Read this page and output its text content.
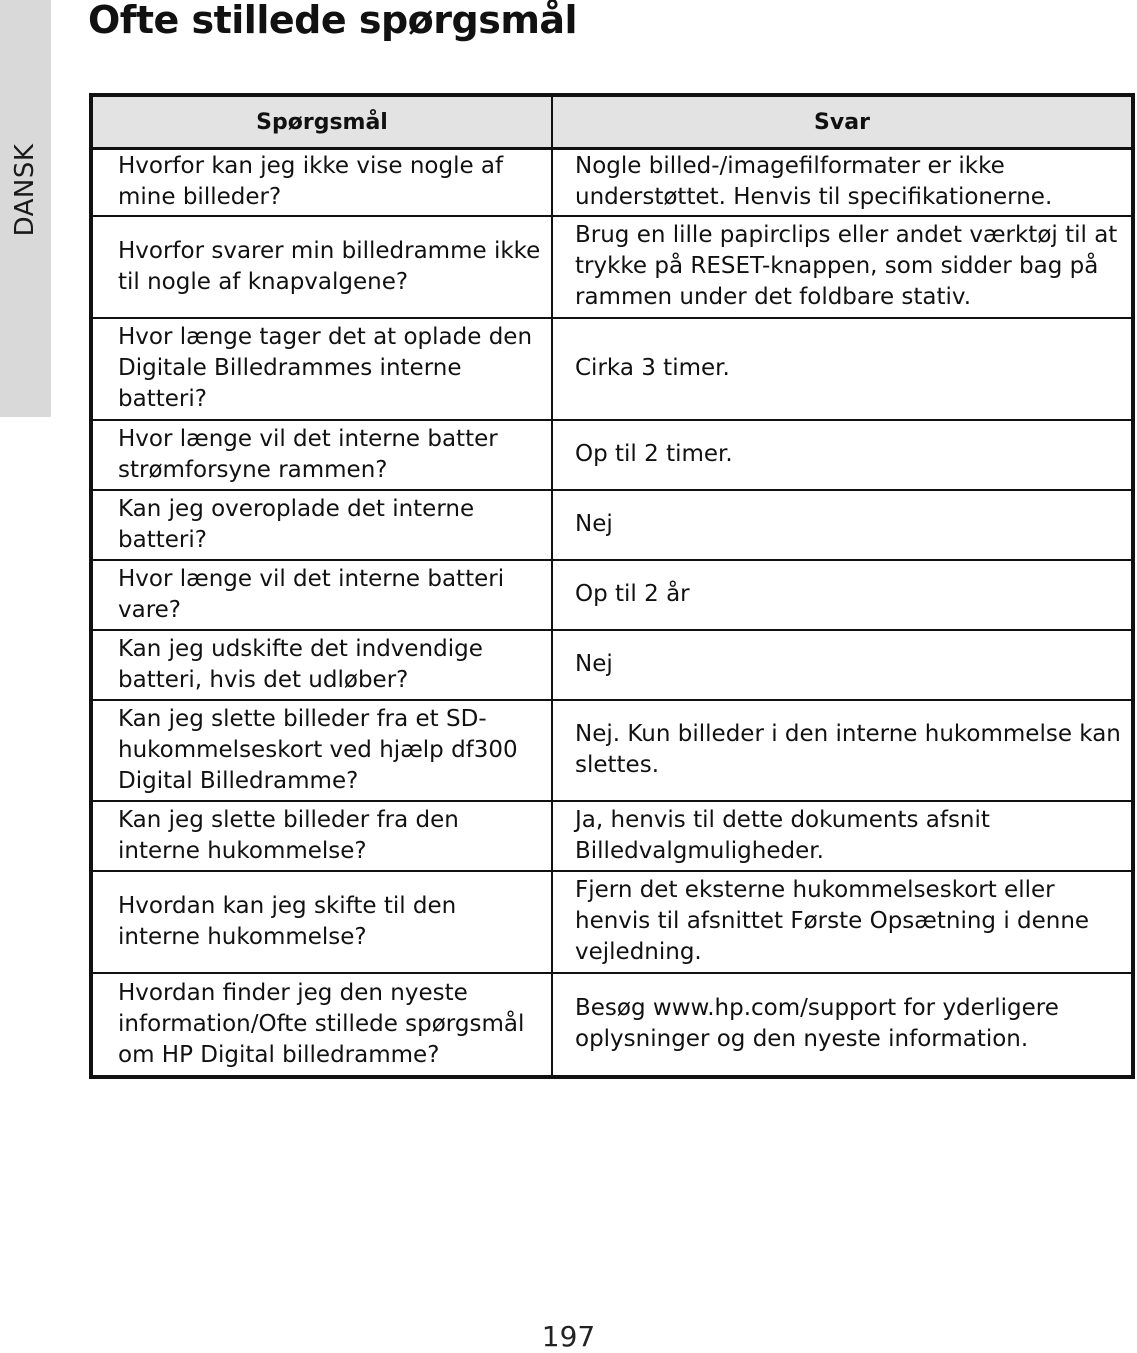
DANSK
Ofte stillede spørgsmål
Spørgsmål	Svar
Hvorfor kan jeg ikke vise nogle af mine billeder?	Nogle billed-/imagefilformater er ikke understøttet. Henvis til specifikationerne.
Hvorfor svarer min billedramme ikke til nogle af knapvalgene?	Brug en lille papirclips eller andet værktøj til at trykke på RESET-knappen, som sidder bag på rammen under det foldbare stativ.
Hvor længe tager det at oplade den Digitale Billedrammes interne batteri?	Cirka 3 timer.
Hvor længe vil det interne batter strømforsyne rammen?	Op til 2 timer.
Kan jeg overoplade det interne batteri?	Nej
Hvor længe vil det interne batteri vare?	Op til 2 år
Kan jeg udskifte det indvendige batteri, hvis det udløber?	Nej
Kan jeg slette billeder fra et SD-hukommelseskort ved hjælp df300 Digital Billedramme?	Nej. Kun billeder i den interne hukommelse kan slettes.
Kan jeg slette billeder fra den interne hukommelse?	Ja, henvis til dette dokuments afsnit Billedvalgmuligheder.
Hvordan kan jeg skifte til den interne hukommelse?	Fjern det eksterne hukommelseskort eller henvis til afsnittet Første Opsætning i denne vejledning.
Hvordan finder jeg den nyeste information/Ofte stillede spørgsmål om HP Digital billedramme?	Besøg www.hp.com/support for yderligere oplysninger og den nyeste information.
197
